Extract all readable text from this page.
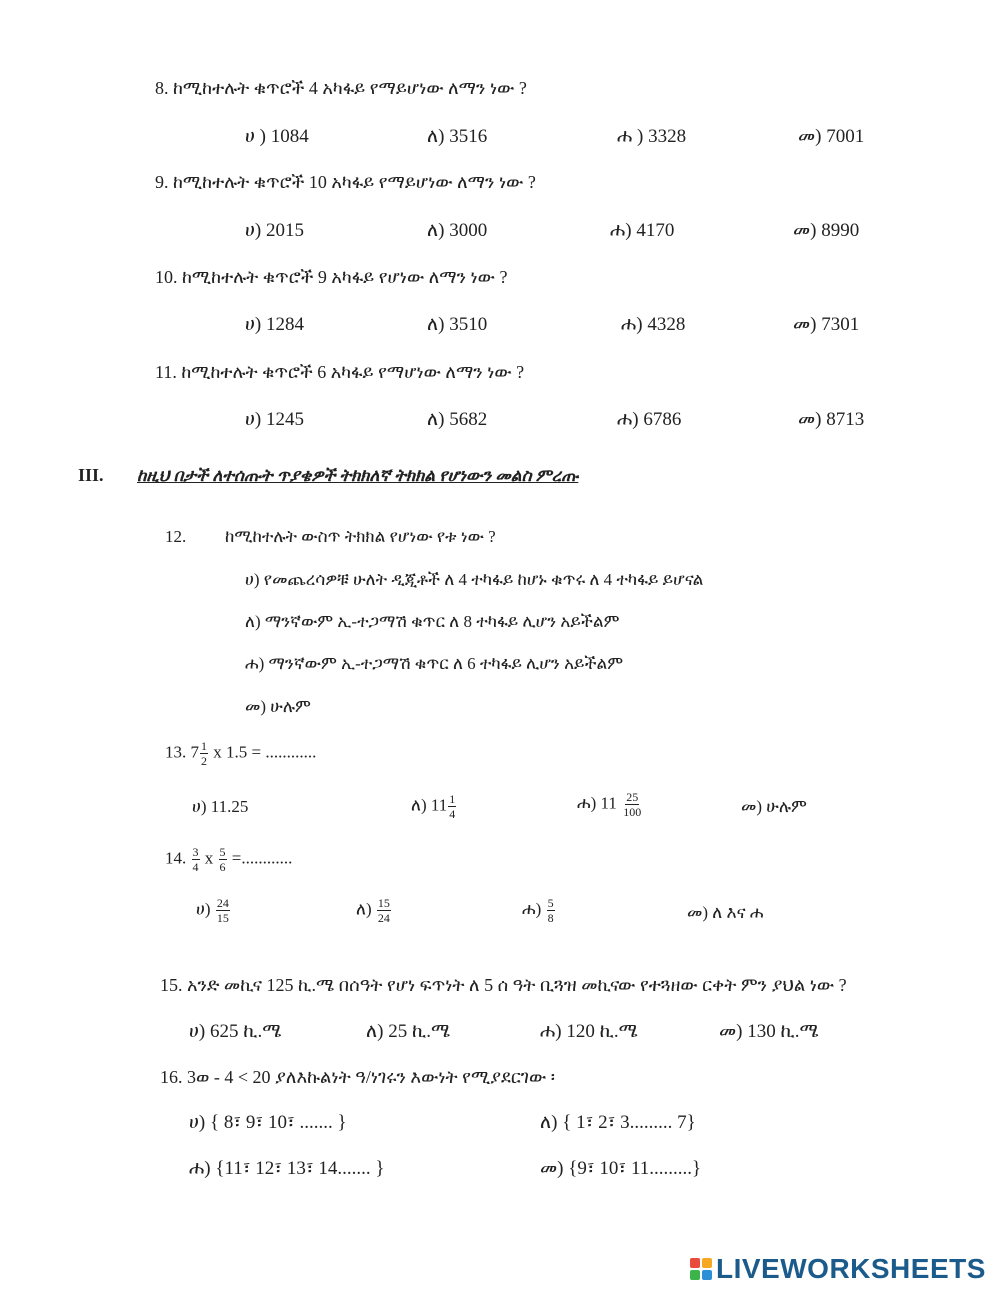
8. ከሚከተሉት ቁጥሮች 4 አካፋይ የማይሆነው ለማን ነው ?
ሀ ) 1084	ለ) 3516	ሐ ) 3328	መ) 7001
9. ከሚከተሉት ቁጥሮች 10 አካፋይ የማይሆነው ለማን ነው ?
ሀ) 2015	ለ) 3000	ሐ) 4170	መ) 8990
10. ከሚከተሉት ቁጥሮች 9 አካፋይ የሆነው ለማን ነው ?
ሀ) 1284	ለ) 3510	ሐ) 4328	መ) 7301
11. ከሚከተሉት ቁጥሮች 6 አካፋይ የማሆነው ለማን ነው ?
ሀ) 1245	ለ) 5682	ሐ) 6786	መ) 8713
III. ከዚህ በታች ለተሰጡት ጥያቄዎች ትክክለኛ ትክክል የሆነውን መልስ ምረጡ
12. ከሚከተሉት ውስጥ ትክክል የሆነው የቱ ነው ?
ሀ) የመጨረሳዎቹ ሁለት ዲጂቶች ለ 4 ተካፋይ ከሆኑ ቁጥሩ ለ 4 ተካፋይ ይሆናል
ለ) ማንኛውም ኢ-ተጋማሽ ቁጥር ለ 8 ተካፋይ ሊሆን አይችልም
ሐ) ማንኛውም ኢ-ተጋማሽ ቁጥር ለ 6 ተካፋይ ሊሆን አይችልም
መ) ሁሉም
13. $7 \frac{1}{2}$ x 1.5 = ............
ሀ) 11.25	ለ) $11 \frac{1}{4}$	ሐ) $11 \frac{25}{100}$	መ) ሁሉም
14. $\frac{3}{4}$ x $\frac{5}{6}$ =............
ሀ) $\frac{24}{15}$	ለ) $\frac{15}{24}$	ሐ) $\frac{5}{8}$	መ) ለ እና ሐ
15. አንድ መኪና 125 ኪ.ሜ በሰዓት የሆነ ፍጥነት ለ 5 ሰ ዓት ቢጓዝ መኪናው የተጓዘው ርቀት ምን ያህል ነው ?
ሀ) 625 ኪ.ሜ	ለ) 25 ኪ.ሜ	ሐ) 120 ኪ.ሜ	መ) 130 ኪ.ሜ
16. 3ወ - 4 < 20 ያለእኩልነት ዓ/ነገሩን እውነት የሚያደርገው ፡
ሀ) { 8፣ 9፣ 10፣ ....... }	ለ) { 1፣ 2፣ 3......... 7}
ሐ) {11፣ 12፣ 13፣ 14....... }	መ) {9፣ 10፣ 11.........}
LIVEWORKSHEETS
